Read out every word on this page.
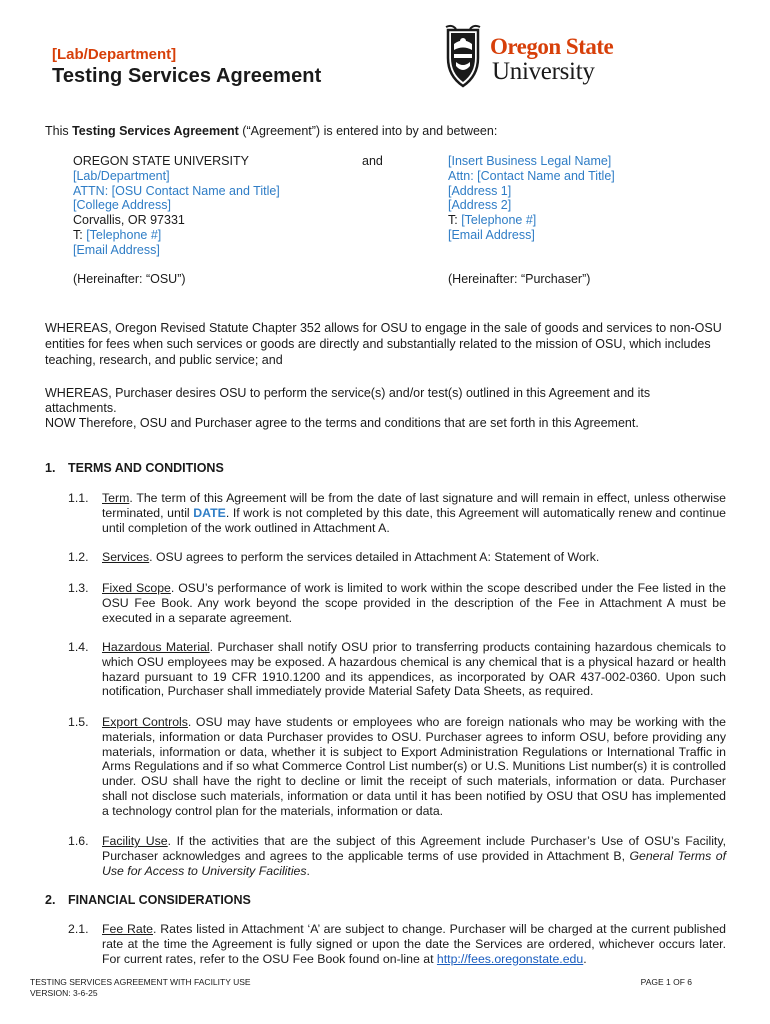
[Lab/Department]
Testing Services Agreement
Oregon State
University
This Testing Services Agreement (“Agreement”) is entered into by and between:
OREGON STATE UNIVERSITY
[Lab/Department]
ATTN: [OSU Contact Name and Title]
[College Address]
Corvallis, OR 97331
T: [Telephone #]
[Email Address]
(Hereinafter: “OSU”)
and	[Insert Business Legal Name]
Attn: [Contact Name and Title]
[Address 1]
[Address 2]
T: [Telephone #]
[Email Address]
(Hereinafter: “Purchaser”)
WHEREAS, Oregon Revised Statute Chapter 352 allows for OSU to engage in the sale of goods and services to non-OSU entities for fees when such services or goods are directly and substantially related to the mission of OSU, which includes teaching, research, and public service; and
WHEREAS, Purchaser desires OSU to perform the service(s) and/or test(s) outlined in this Agreement and its attachments.
NOW Therefore, OSU and Purchaser agree to the terms and conditions that are set forth in this Agreement.
1. TERMS AND CONDITIONS
1.1. Term. The term of this Agreement will be from the date of last signature and will remain in effect, unless otherwise terminated, until DATE. If work is not completed by this date, this Agreement will automatically renew and continue until completion of the work outlined in Attachment A.
1.2. Services. OSU agrees to perform the services detailed in Attachment A: Statement of Work.
1.3. Fixed Scope. OSU’s performance of work is limited to work within the scope described under the Fee listed in the OSU Fee Book. Any work beyond the scope provided in the description of the Fee in Attachment A must be executed in a separate agreement.
1.4. Hazardous Material. Purchaser shall notify OSU prior to transferring products containing hazardous chemicals to which OSU employees may be exposed. A hazardous chemical is any chemical that is a physical hazard or health hazard pursuant to 19 CFR 1910.1200 and its appendices, as incorporated by OAR 437-002-0360. Upon such notification, Purchaser shall immediately provide Material Safety Data Sheets, as required.
1.5. Export Controls. OSU may have students or employees who are foreign nationals who may be working with the materials, information or data Purchaser provides to OSU. Purchaser agrees to inform OSU, before providing any materials, information or data, whether it is subject to Export Administration Regulations or International Traffic in Arms Regulations and if so what Commerce Control List number(s) or U.S. Munitions List number(s) it is controlled under. OSU shall have the right to decline or limit the receipt of such materials, information or data. Purchaser shall not disclose such materials, information or data until it has been notified by OSU that OSU has implemented a technology control plan for the materials, information or data.
1.6. Facility Use. If the activities that are the subject of this Agreement include Purchaser’s Use of OSU’s Facility, Purchaser acknowledges and agrees to the applicable terms of use provided in Attachment B, General Terms of Use for Access to University Facilities.
2. FINANCIAL CONSIDERATIONS
2.1. Fee Rate. Rates listed in Attachment ‘A’ are subject to change. Purchaser will be charged at the current published rate at the time the Agreement is fully signed or upon the date the Services are ordered, whichever occurs later. For current rates, refer to the OSU Fee Book found on-line at http://fees.oregonstate.edu.
TESTING SERVICES AGREEMENT WITH FACILITY USE
VERSION: 3-6-25
PAGE 1 OF 6
